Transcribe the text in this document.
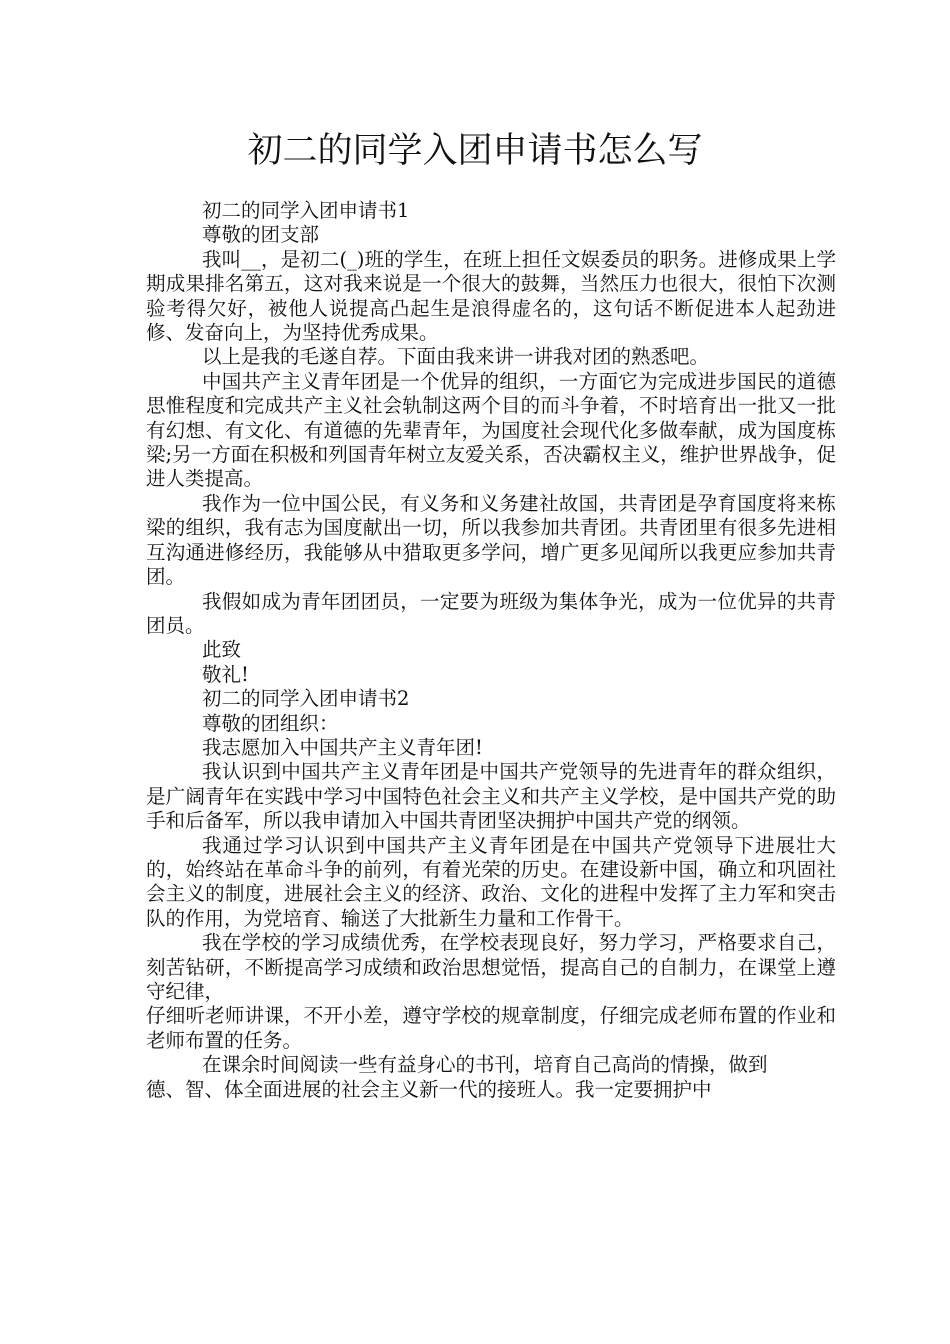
初二的同学入团申请书怎么写

初二的同学入团申请书1

尊敬的团支部

我叫__，是初二(_)班的学生，在班上担任文娱委员的职务。进修成果上学期成果排名第五，这对我来说是一个很大的鼓舞，当然压力也很大，很怕下次测验考得欠好，被他人说提高凸起生是浪得虚名的，这句话不断促进本人起劲进修、发奋向上，为坚持优秀成果。

以上是我的毛遂自荐。下面由我来讲一讲我对团的熟悉吧。

中国共产主义青年团是一个优异的组织，一方面它为完成进步国民的道德思惟程度和完成共产主义社会轨制这两个目的而斗争着，不时培育出一批又一批有幻想、有文化、有道德的先辈青年，为国度社会现代化多做奉献，成为国度栋梁;另一方面在积极和列国青年树立友爱关系，否决霸权主义，维护世界战争，促进人类提高。

我作为一位中国公民，有义务和义务建社故国，共青团是孕育国度将来栋梁的组织，我有志为国度献出一切，所以我参加共青团。共青团里有很多先进相互沟通进修经历，我能够从中猎取更多学问，增广更多见闻所以我更应参加共青团。

我假如成为青年团团员，一定要为班级为集体争光，成为一位优异的共青团员。

此致

敬礼!

初二的同学入团申请书2

尊敬的团组织：

我志愿加入中国共产主义青年团!

我认识到中国共产主义青年团是中国共产党领导的先进青年的群众组织，是广阔青年在实践中学习中国特色社会主义和共产主义学校，是中国共产党的助手和后备军，所以我申请加入中国共青团坚决拥护中国共产党的纲领。

我通过学习认识到中国共产主义青年团是在中国共产党领导下进展壮大的，始终站在革命斗争的前列，有着光荣的历史。在建设新中国，确立和巩固社会主义的制度，进展社会主义的经济、政治、文化的进程中发挥了主力军和突击队的作用，为党培育、输送了大批新生力量和工作骨干。

我在学校的学习成绩优秀，在学校表现良好，努力学习，严格要求自己，刻苦钻研，不断提高学习成绩和政治思想觉悟，提高自己的自制力，在课堂上遵守纪律，

仔细听老师讲课，不开小差，遵守学校的规章制度，仔细完成老师布置的作业和老师布置的任务。

在课余时间阅读一些有益身心的书刊，培育自己高尚的情操，做到

德、智、体全面进展的社会主义新一代的接班人。我一定要拥护中
